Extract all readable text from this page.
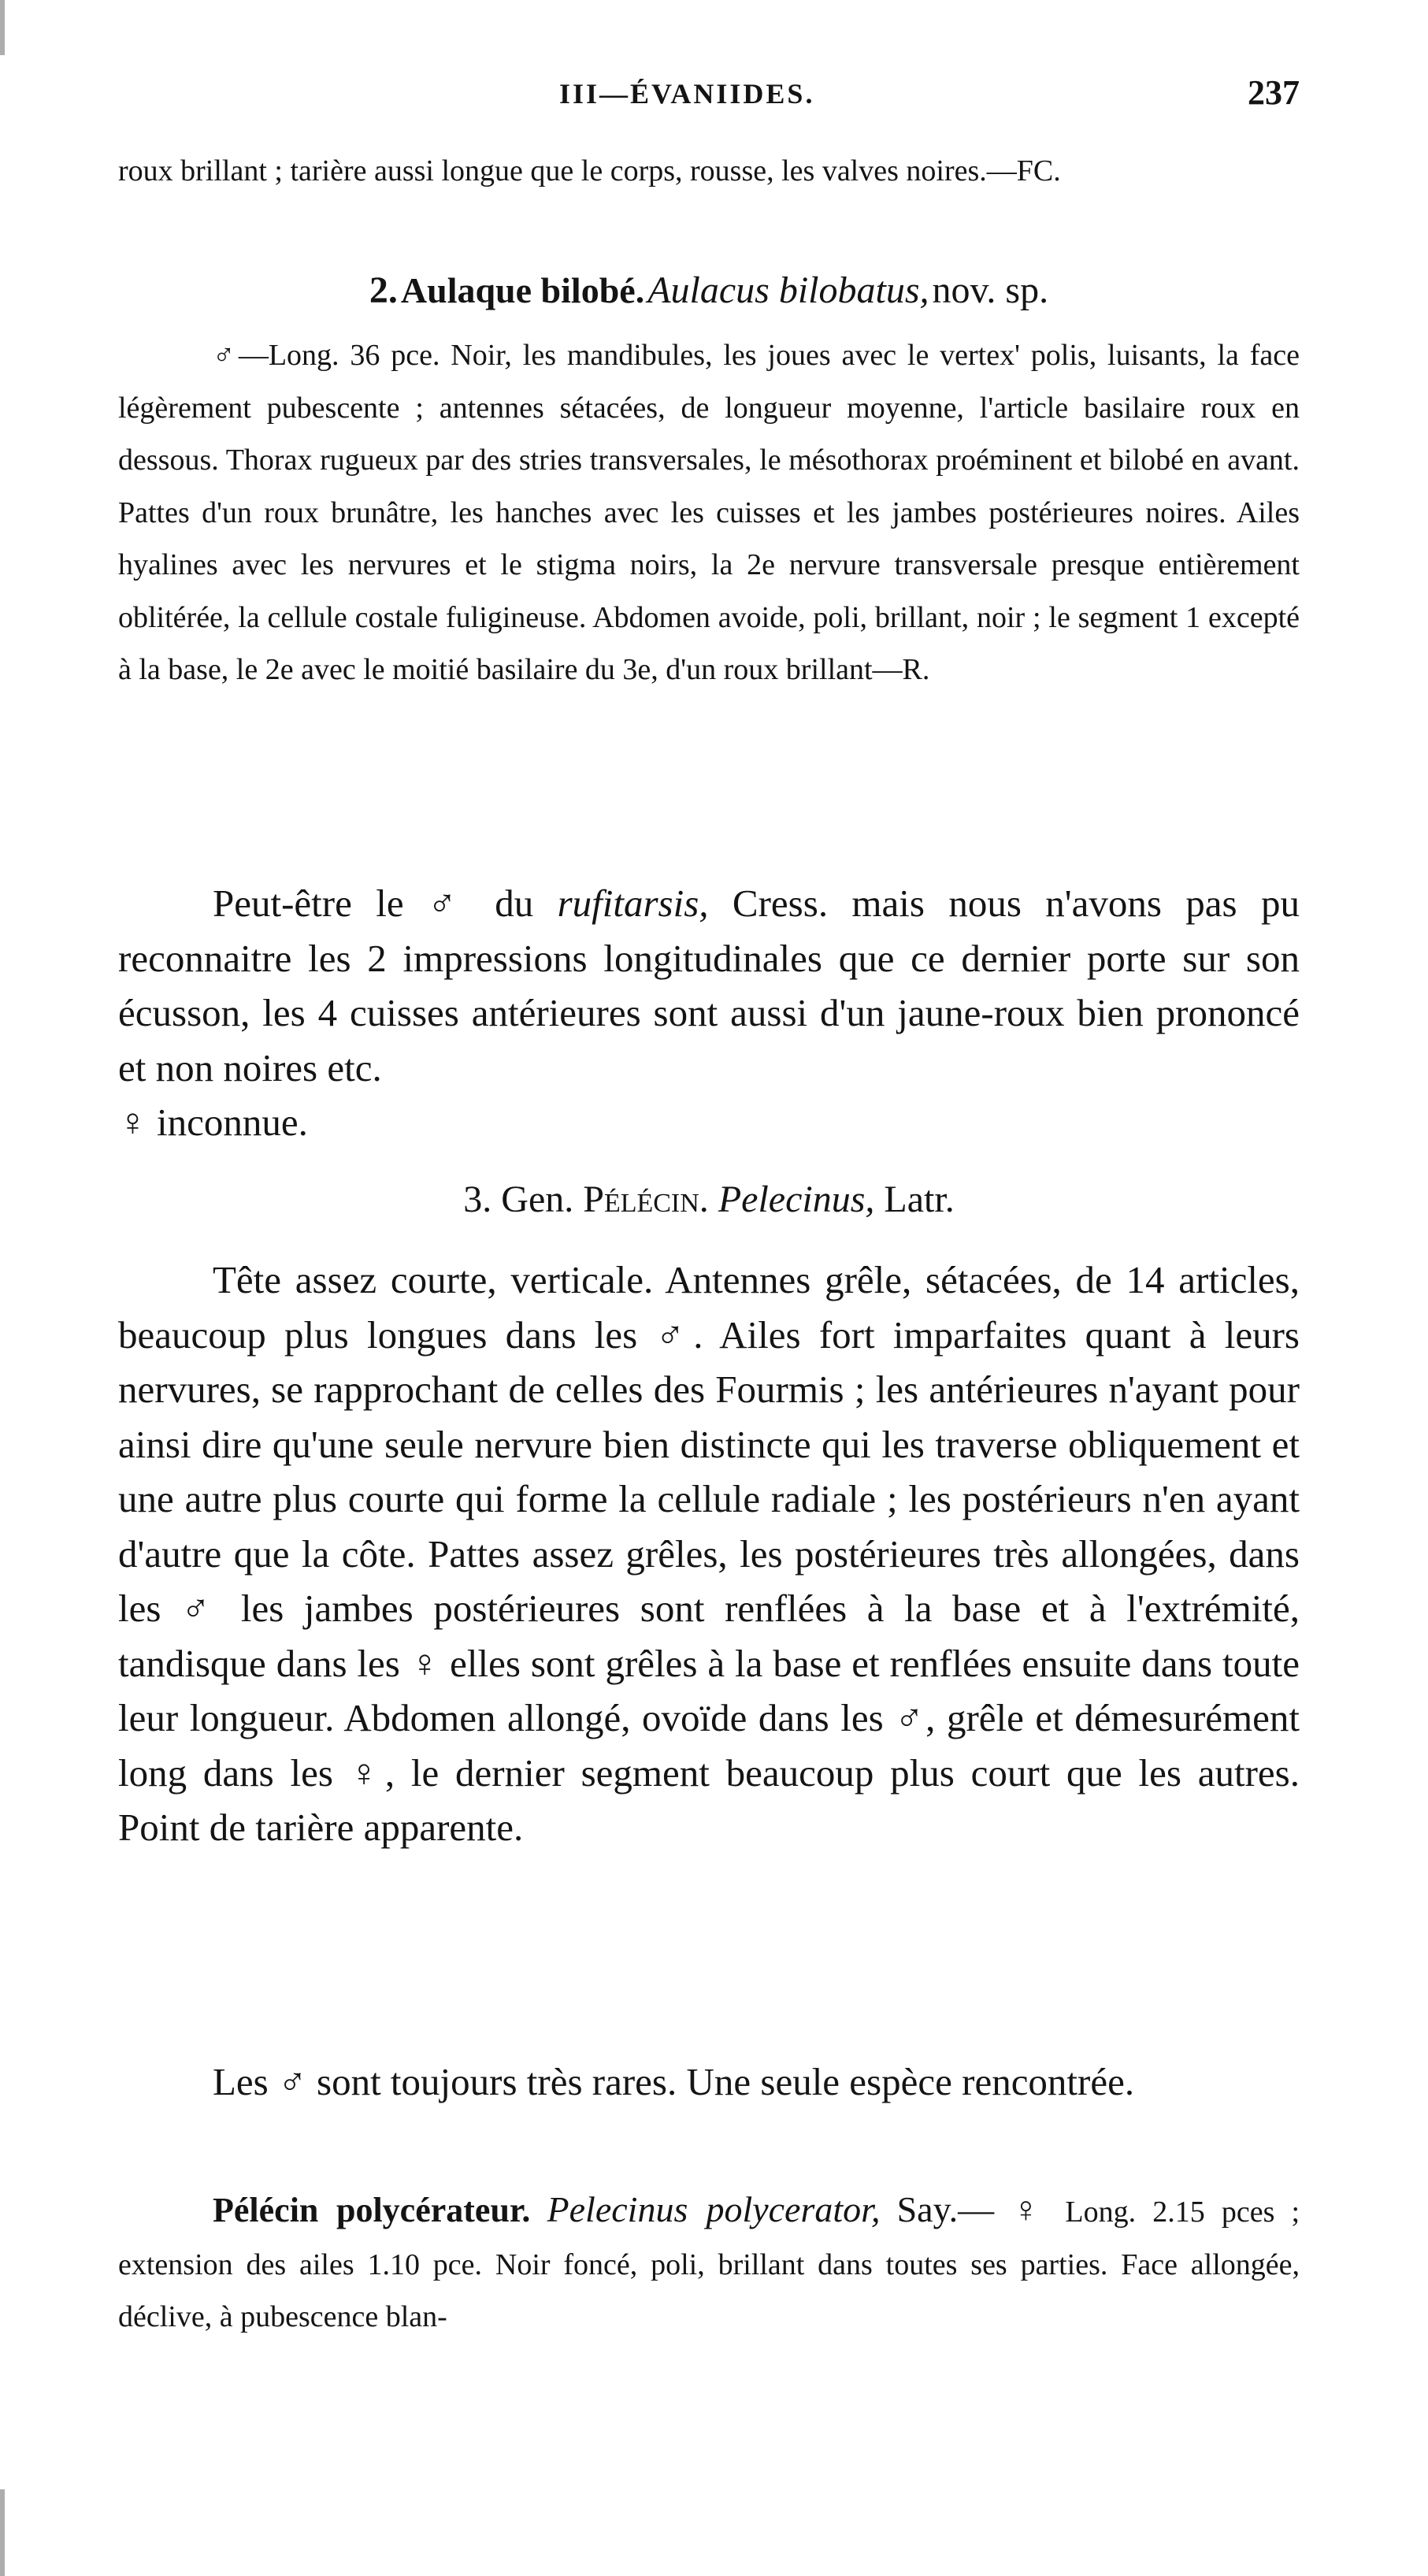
III—ÉVANIIDES.	237

roux brillant ; tarière aussi longue que le corps, rousse, les valves noires.—FC.

2. Aulaque bilobé. Aulacus bilobatus, nov. sp.

♂—Long. 36 pce. Noir, les mandibules, les joues avec le vertex' polis, luisants, la face légèrement pubescente ; antennes sétacées, de longueur moyenne, l'article basilaire roux en dessous. Thorax rugueux par des stries transversales, le mésothorax proéminent et bilobé en avant. Pattes d'un roux brunâtre, les hanches avec les cuisses et les jambes postérieures noires. Ailes hyalines avec les nervures et le stigma noirs, la 2e nervure transversale presque entièrement oblitérée, la cellule costale fuligineuse. Abdomen avoide, poli, brillant, noir ; le segment 1 excepté à la base, le 2e avec le moitié basilaire du 3e, d'un roux brillant—R.

Peut-être le ♂ du rufitarsis, Cress. mais nous n'avons pas pu reconnaitre les 2 impressions longitudinales que ce dernier porte sur son écusson, les 4 cuisses antérieures sont aussi d'un jaune-roux bien prononcé et non noires etc.
♀ inconnue.

3. Gen. Pélécin. Pelecinus, Latr.

Tête assez courte, verticale. Antennes grêle, sétacées, de 14 articles, beaucoup plus longues dans les ♂. Ailes fort imparfaites quant à leurs nervures, se rapprochant de celles des Fourmis ; les antérieures n'ayant pour ainsi dire qu'une seule nervure bien distincte qui les traverse obliquement et une autre plus courte qui forme la cellule radiale ; les postérieurs n'en ayant d'autre que la côte. Pattes assez grêles, les postérieures très allongées, dans les ♂ les jambes postérieures sont renflées à la base et à l'extrémité, tandisque dans les ♀ elles sont grêles à la base et renflées ensuite dans toute leur longueur. Abdomen allongé, ovoïde dans les ♂, grêle et démesurément long dans les ♀, le dernier segment beaucoup plus court que les autres. Point de tarière apparente.

Les ♂ sont toujours très rares. Une seule espèce rencontrée.

Pélécin polycérateur. Pelecinus polycerator, Say.— ♀ Long. 2.15 pces ; extension des ailes 1.10 pce. Noir foncé, poli, brillant dans toutes ses parties. Face allongée, déclive, à pubescence blan-
